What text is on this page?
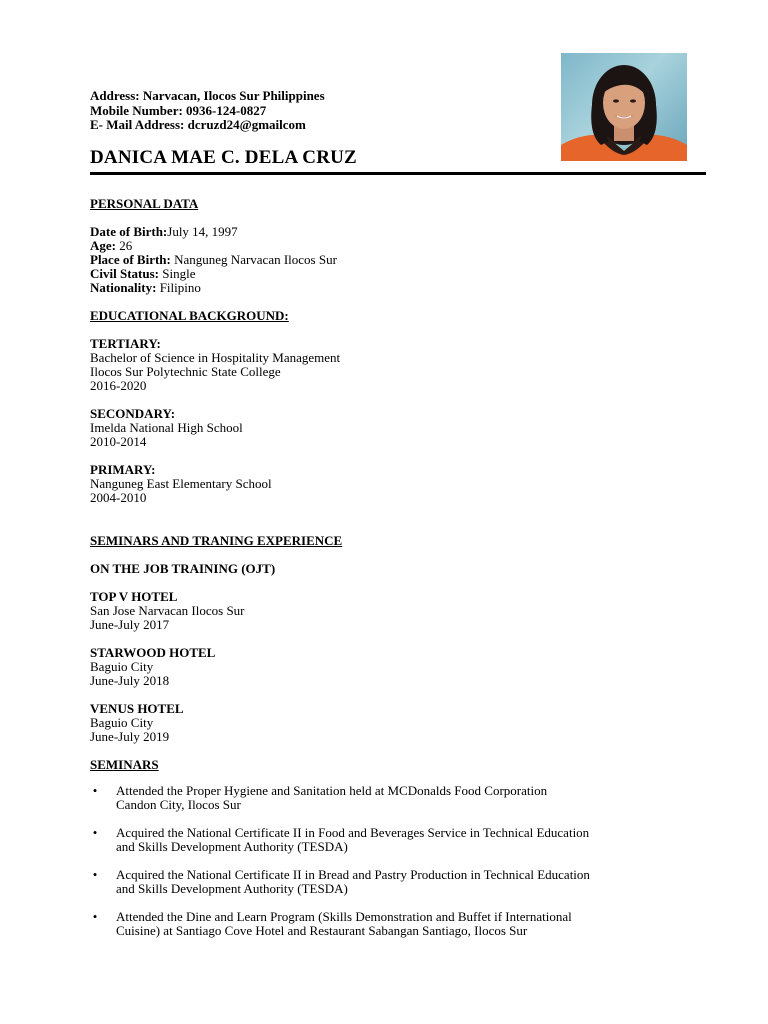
Address: Narvacan, Ilocos Sur Philippines
Mobile Number: 0936-124-0827
E- Mail Address: dcruzd24@gmailcom
DANICA MAE C. DELA CRUZ
PERSONAL DATA
Date of Birth:July 14, 1997
Age: 26
Place of Birth: Nanguneg Narvacan Ilocos Sur
Civil Status: Single
Nationality: Filipino
EDUCATIONAL BACKGROUND:
TERTIARY:
Bachelor of Science in Hospitality Management
Ilocos Sur Polytechnic State College
2016-2020
SECONDARY:
Imelda National High School
2010-2014
PRIMARY:
Nanguneg East Elementary School
2004-2010
SEMINARS AND TRANING EXPERIENCE
ON THE JOB TRAINING (OJT)
TOP V HOTEL
San Jose Narvacan Ilocos Sur
June-July 2017
STARWOOD HOTEL
Baguio City
June-July 2018
VENUS HOTEL
Baguio City
June-July 2019
SEMINARS
• Attended the Proper Hygiene and Sanitation held at MCDonalds Food Corporation
Candon City, Ilocos Sur
• Acquired the National Certificate II in Food and Beverages Service in Technical Education
and Skills Development Authority (TESDA)
• Acquired the National Certificate II in Bread and Pastry Production in Technical Education
and Skills Development Authority (TESDA)
• Attended the Dine and Learn Program (Skills Demonstration and Buffet if International
Cuisine) at Santiago Cove Hotel and Restaurant Sabangan Santiago, Ilocos Sur
